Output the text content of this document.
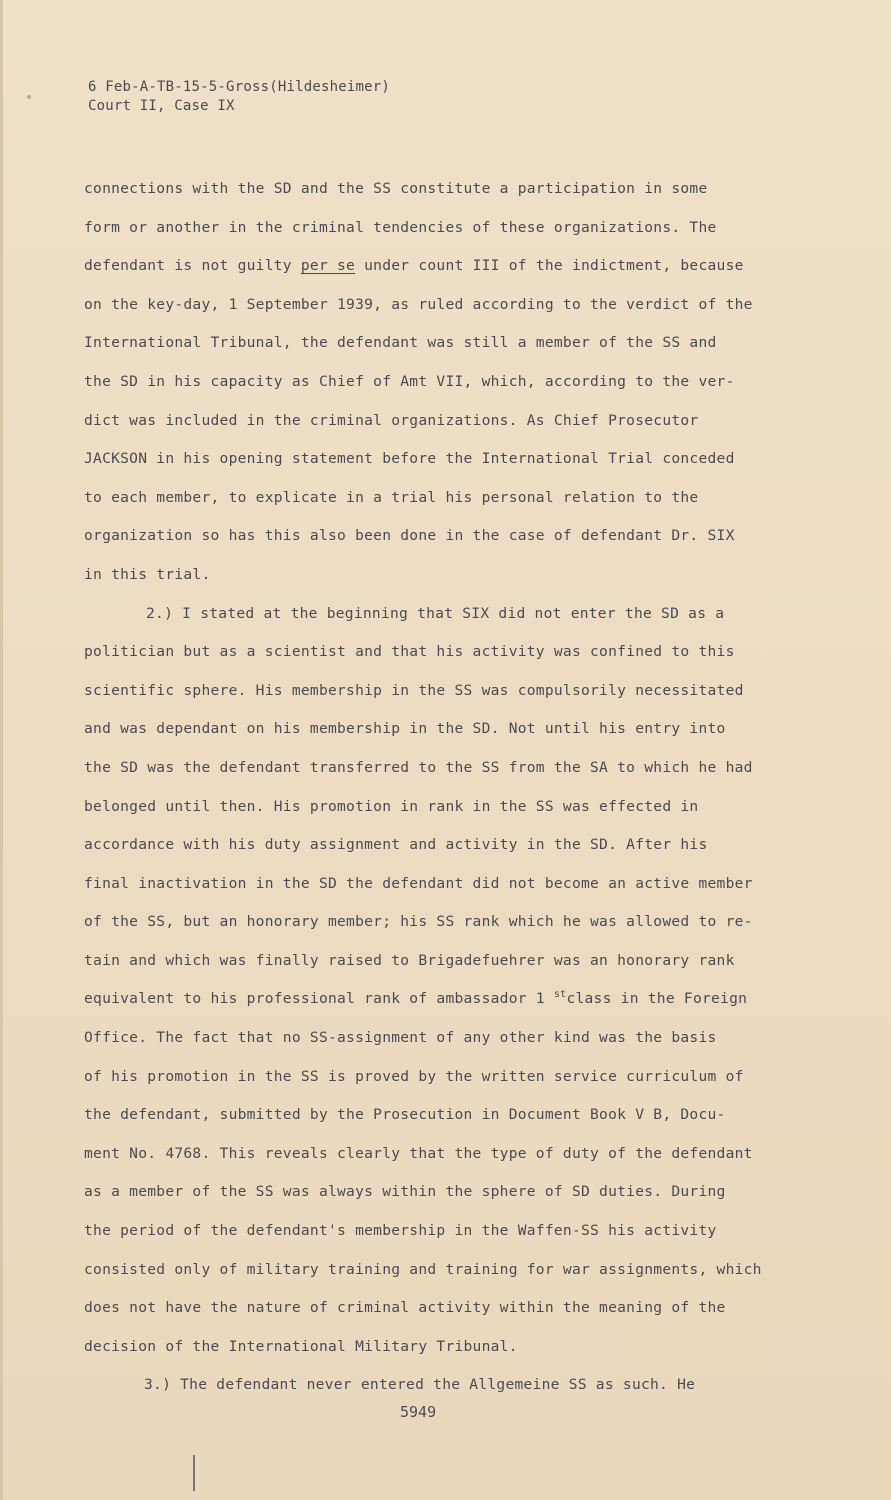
6 Feb-A-TB-15-5-Gross(Hildesheimer)
Court II, Case IX
connections with the SD and the SS constitute a participation in some
form or another in the criminal tendencies of these organizations. The
defendant is not guilty per se under count III of the indictment, because
on the key-day, 1 September 1939, as ruled according to the verdict of the
International Tribunal, the defendant was still a member of the SS and
the SD in his capacity as Chief of Amt VII, which, according to the ver-
dict was included in the criminal organizations. As Chief Prosecutor
JACKSON in his opening statement before the International Trial conceded
to each member, to explicate in a trial his personal relation to the
organization so has this also been done in the case of defendant Dr. SIX
in this trial.
2.) I stated at the beginning that SIX did not enter the SD as a
politician but as a scientist and that his activity was confined to this
scientific sphere. His membership in the SS was compulsorily necessitated
and was dependant on his membership in the SD. Not until his entry into
the SD was the defendant transferred to the SS from the SA to which he had
belonged until then. His promotion in rank in the SS was effected in
accordance with his duty assignment and activity in the SD. After his
final inactivation in the SD the defendant did not become an active member
of the SS, but an honorary member; his SS rank which he was allowed to re-
tain and which was finally raised to Brigadefuehrer was an honorary rank
equivalent to his professional rank of ambassador 1 $^{st}$class in the Foreign
Office. The fact that no SS-assignment of any other kind was the basis
of his promotion in the SS is proved by the written service curriculum of
the defendant, submitted by the Prosecution in Document Book V B, Docu-
ment No. 4768. This reveals clearly that the type of duty of the defendant
as a member of the SS was always within the sphere of SD duties. During
the period of the defendant's membership in the Waffen-SS his activity
consisted only of military training and training for war assignments, which
does not have the nature of criminal activity within the meaning of the
decision of the International Military Tribunal.
3.) The defendant never entered the Allgemeine SS as such. He
5949
